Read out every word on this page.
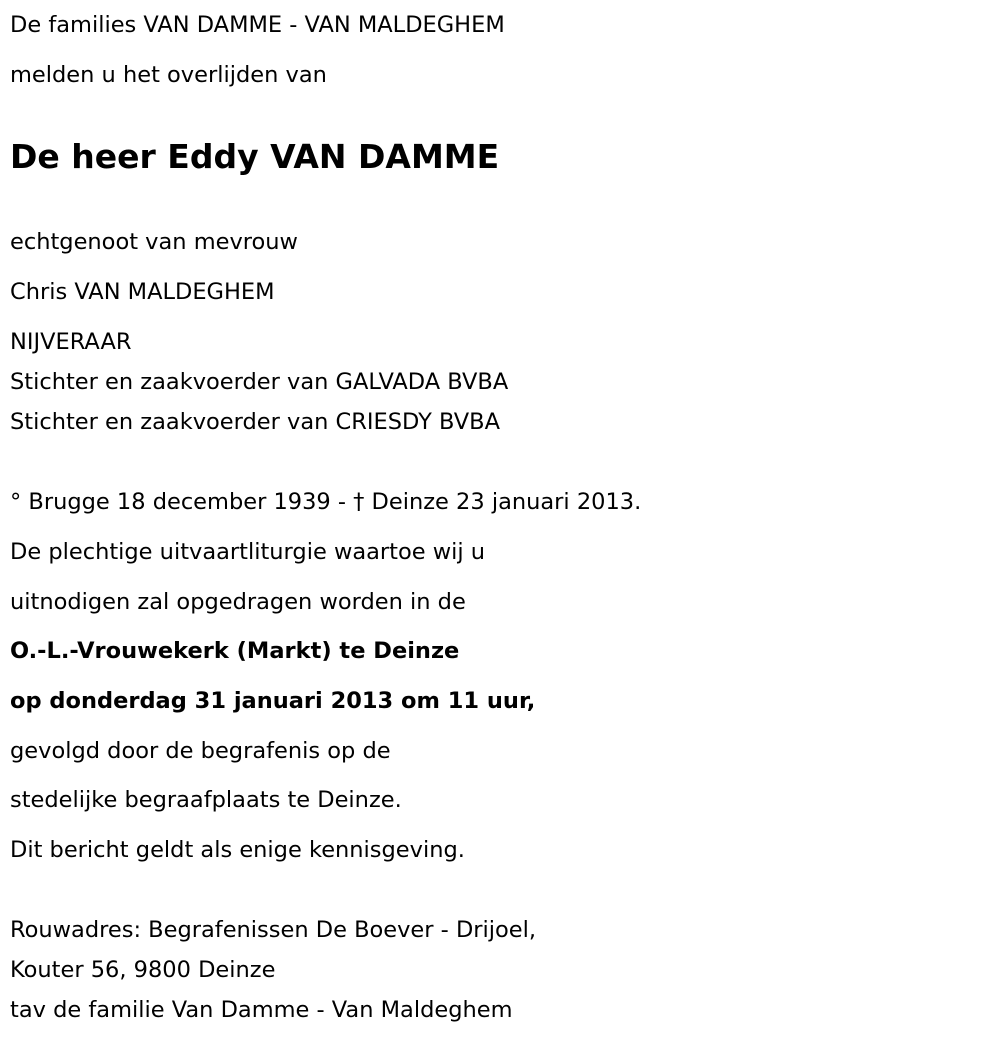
De families VAN DAMME - VAN MALDEGHEM
melden u het overlijden van
De heer Eddy VAN DAMME
echtgenoot van mevrouw
Chris VAN MALDEGHEM
NIJVERAAR
Stichter en zaakvoerder van GALVADA BVBA
Stichter en zaakvoerder van CRIESDY BVBA
° Brugge 18 december 1939 - † Deinze 23 januari 2013.
De plechtige uitvaartliturgie waartoe wij u
uitnodigen zal opgedragen worden in de
O.-L.-Vrouwekerk (Markt) te Deinze
op donderdag 31 januari 2013 om 11 uur,
gevolgd door de begrafenis op de
stedelijke begraafplaats te Deinze.
Dit bericht geldt als enige kennisgeving.
Rouwadres: Begrafenissen De Boever - Drijoel,
Kouter 56, 9800 Deinze
tav de familie Van Damme - Van Maldeghem
